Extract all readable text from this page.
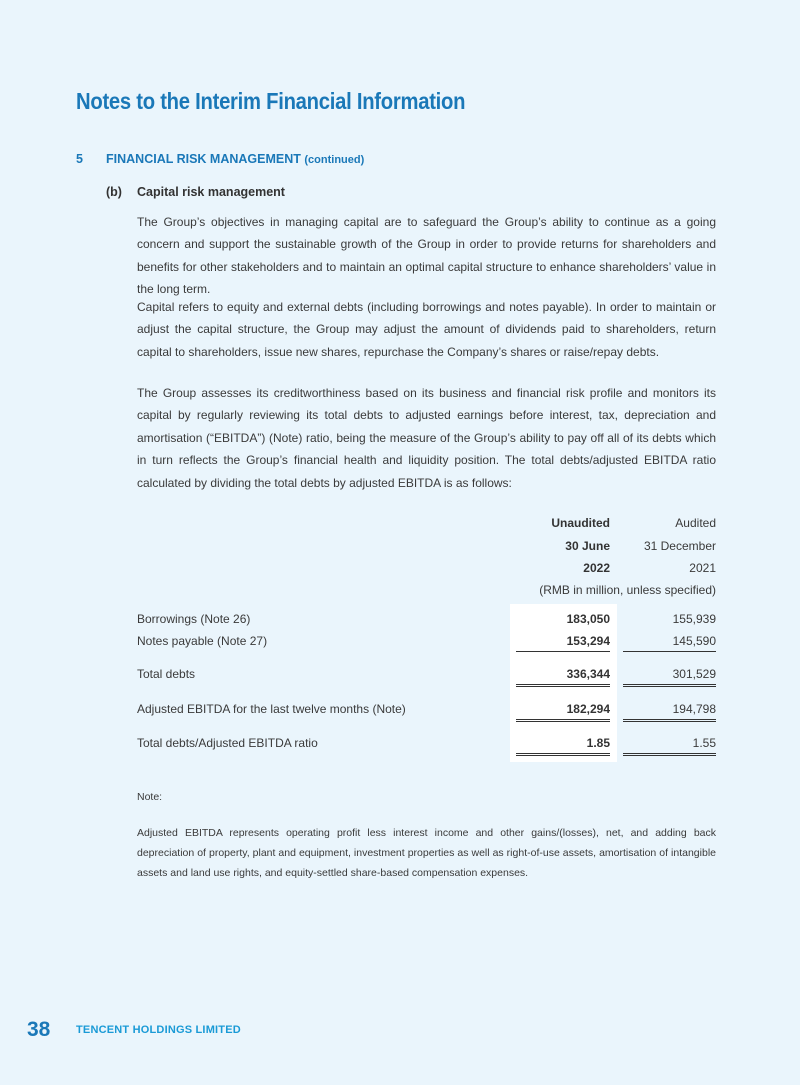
Notes to the Interim Financial Information
5 FINANCIAL RISK MANAGEMENT (continued)
(b) Capital risk management
The Group’s objectives in managing capital are to safeguard the Group’s ability to continue as a going concern and support the sustainable growth of the Group in order to provide returns for shareholders and benefits for other stakeholders and to maintain an optimal capital structure to enhance shareholders’ value in the long term.
Capital refers to equity and external debts (including borrowings and notes payable). In order to maintain or adjust the capital structure, the Group may adjust the amount of dividends paid to shareholders, return capital to shareholders, issue new shares, repurchase the Company’s shares or raise/repay debts.
The Group assesses its creditworthiness based on its business and financial risk profile and monitors its capital by regularly reviewing its total debts to adjusted earnings before interest, tax, depreciation and amortisation (“EBITDA”) (Note) ratio, being the measure of the Group’s ability to pay off all of its debts which in turn reflects the Group’s financial health and liquidity position. The total debts/adjusted EBITDA ratio calculated by dividing the total debts by adjusted EBITDA is as follows:
Unaudited	Audited
30 June	31 December
2022	2021
(RMB in million, unless specified)
Borrowings (Note 26)	183,050	155,939
Notes payable (Note 27)	153,294	145,590
Total debts	336,344	301,529
Adjusted EBITDA for the last twelve months (Note)	182,294	194,798
Total debts/Adjusted EBITDA ratio	1.85	1.55
Note:
Adjusted EBITDA represents operating profit less interest income and other gains/(losses), net, and adding back depreciation of property, plant and equipment, investment properties as well as right-of-use assets, amortisation of intangible assets and land use rights, and equity-settled share-based compensation expenses.
38 TENCENT HOLDINGS LIMITED
